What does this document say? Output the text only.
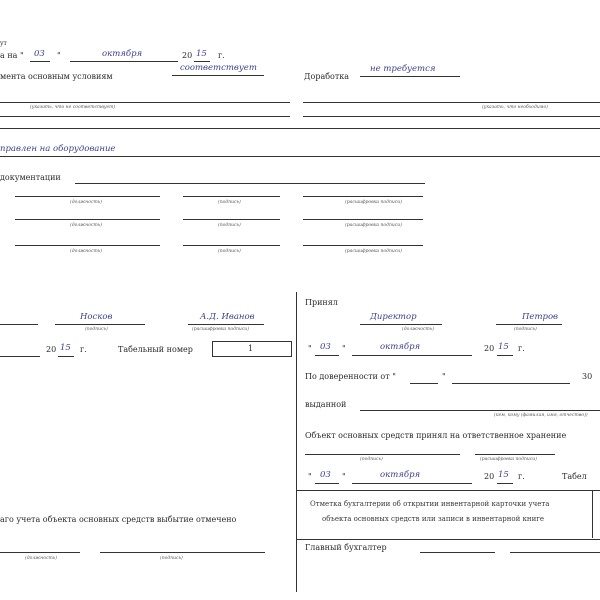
ут
а на " 03 "	октября	20 15 г.
мента основным условиям
соответствует
Доработка
не требуется
(указать, что не соответствует)	(указать, что необходимо)
правлен на оборудование
документации
(должность)	(подпись)	(расшифровка подписи)
(должность)	(подпись)	(расшифровка подписи)
(должность)	(подпись)	(расшифровка подписи)
Носков
(подпись)
А.Д. Иванов
(расшифровка подписи)
20 15 г.	Табельный номер	1
аго учета объекта основных средств выбытие отмечено
(должность)	(подпись)
Принял
Директор
(должность)
Петров
(подпись)
" 03 "	октября	20 15 г.
По доверенности от "	"	30
выданной
(кем, кому (фамилия, имя, отчество))
Объект основных средств принял на ответственное хранение
(подпись)	(расшифровка подписи)
" 03 "	октября	20 15 г.	Табел
Отметка бухгалтерии об открытии инвентарной карточки учета
объекта основных средств или записи в инвентарной книге
Главный бухгалтер
